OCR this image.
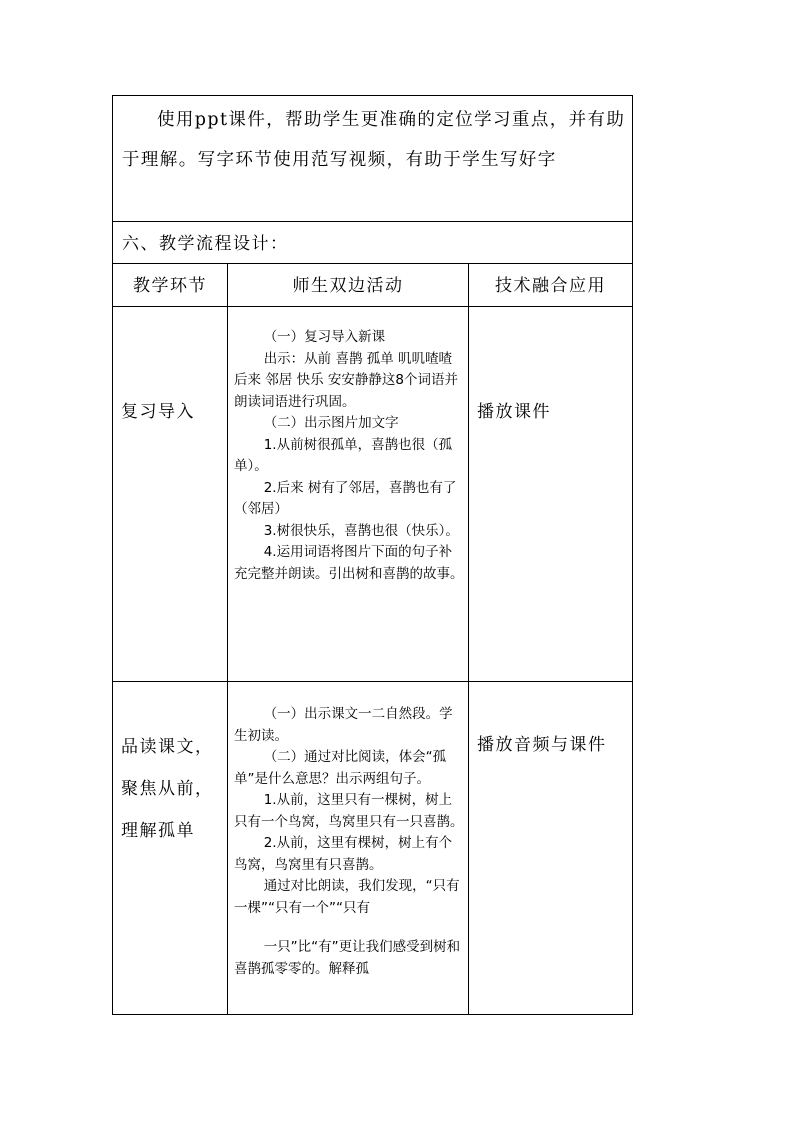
使用ppt课件，帮助学生更准确的定位学习重点，并有助于理解。写字环节使用范写视频，有助于学生写好字

六、教学流程设计：
教学环节	师生双边活动	技术融合应用
复习导入

（一）复习导入新课

出示：从前 喜鹊 孤单 叽叽喳喳 后来 邻居 快乐 安安静静这8个词语并朗读词语进行巩固。

（二）出示图片加文字

1.从前树很孤单，喜鹊也很（孤单）。

2.后来 树有了邻居，喜鹊也有了（邻居）

3.树很快乐，喜鹊也很（快乐）。

4.运用词语将图片下面的句子补充完整并朗读。引出树和喜鹊的故事。

播放课件
品读课文，
聚焦从前，
理解孤单

（一）出示课文一二自然段。学生初读。

（二）通过对比阅读，体会“孤单”是什么意思？出示两组句子。

1.从前，这里只有一棵树，树上只有一个鸟窝，鸟窝里只有一只喜鹊。

2.从前，这里有棵树，树上有个鸟窝，鸟窝里有只喜鹊。

通过对比朗读，我们发现，“只有一棵”“只有一个”“只有

一只”比“有”更让我们感受到树和喜鹊孤零零的。解释孤

播放音频与课件
